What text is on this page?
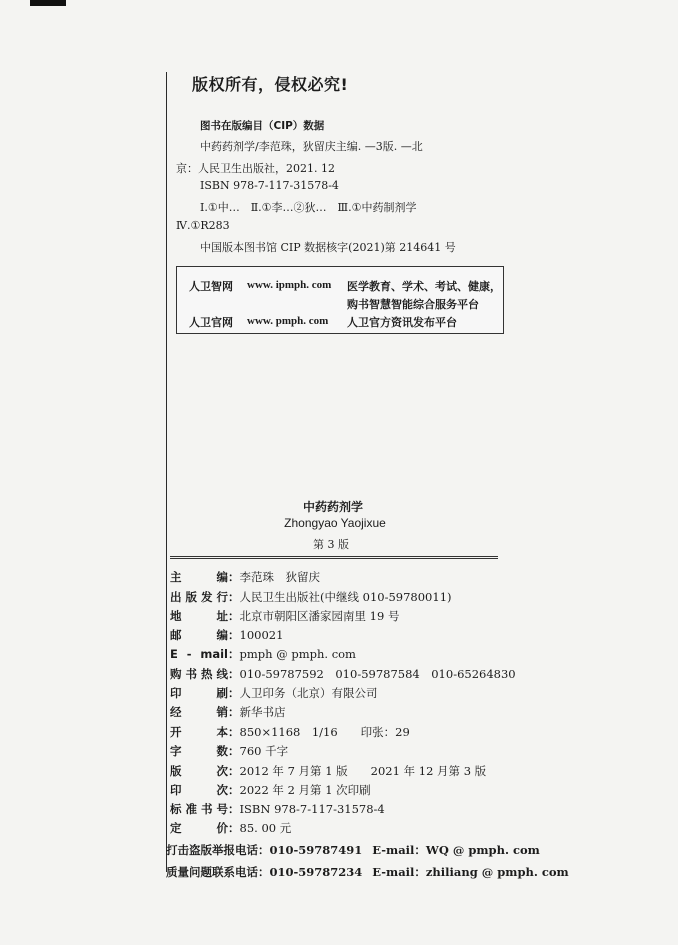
版权所有，侵权必究!
图书在版编目（CIP）数据
中药药剂学/李范珠，狄留庆主编. —3版. —北
京：人民卫生出版社，2021. 12
ISBN 978-7-117-31578-4
Ⅰ.①中…　Ⅱ.①李…②狄…　Ⅲ.①中药制剂学
Ⅳ.①R283
中国版本图书馆 CIP 数据核字(2021)第 214641 号
人卫智网 www. ipmph. com 医学教育、学术、考试、健康，
购书智慧智能综合服务平台
人卫官网 www. pmph. com 人卫官方资讯发布平台
中药药剂学
Zhongyao Yaojixue
第 3 版
主　编：李范珠　狄留庆
出版发行：人民卫生出版社(中继线 010-59780011)
地　址：北京市朝阳区潘家园南里 19 号
邮　编：100021
E - mail：pmph @ pmph. com
购书热线：010-59787592　010-59787584　010-65264830
印　刷：人卫印务（北京）有限公司
经　销：新华书店
开　本：850×1168　1/16　　印张：29
字　数：760 千字
版　次：2012 年 7 月第 1 版　　2021 年 12 月第 3 版
印　次：2022 年 2 月第 1 次印刷
标准书号：ISBN 978-7-117-31578-4
定　价：85. 00 元
打击盗版举报电话：010-59787491 E-mail：WQ @ pmph. com
质量问题联系电话：010-59787234 E-mail：zhiliang @ pmph. com
